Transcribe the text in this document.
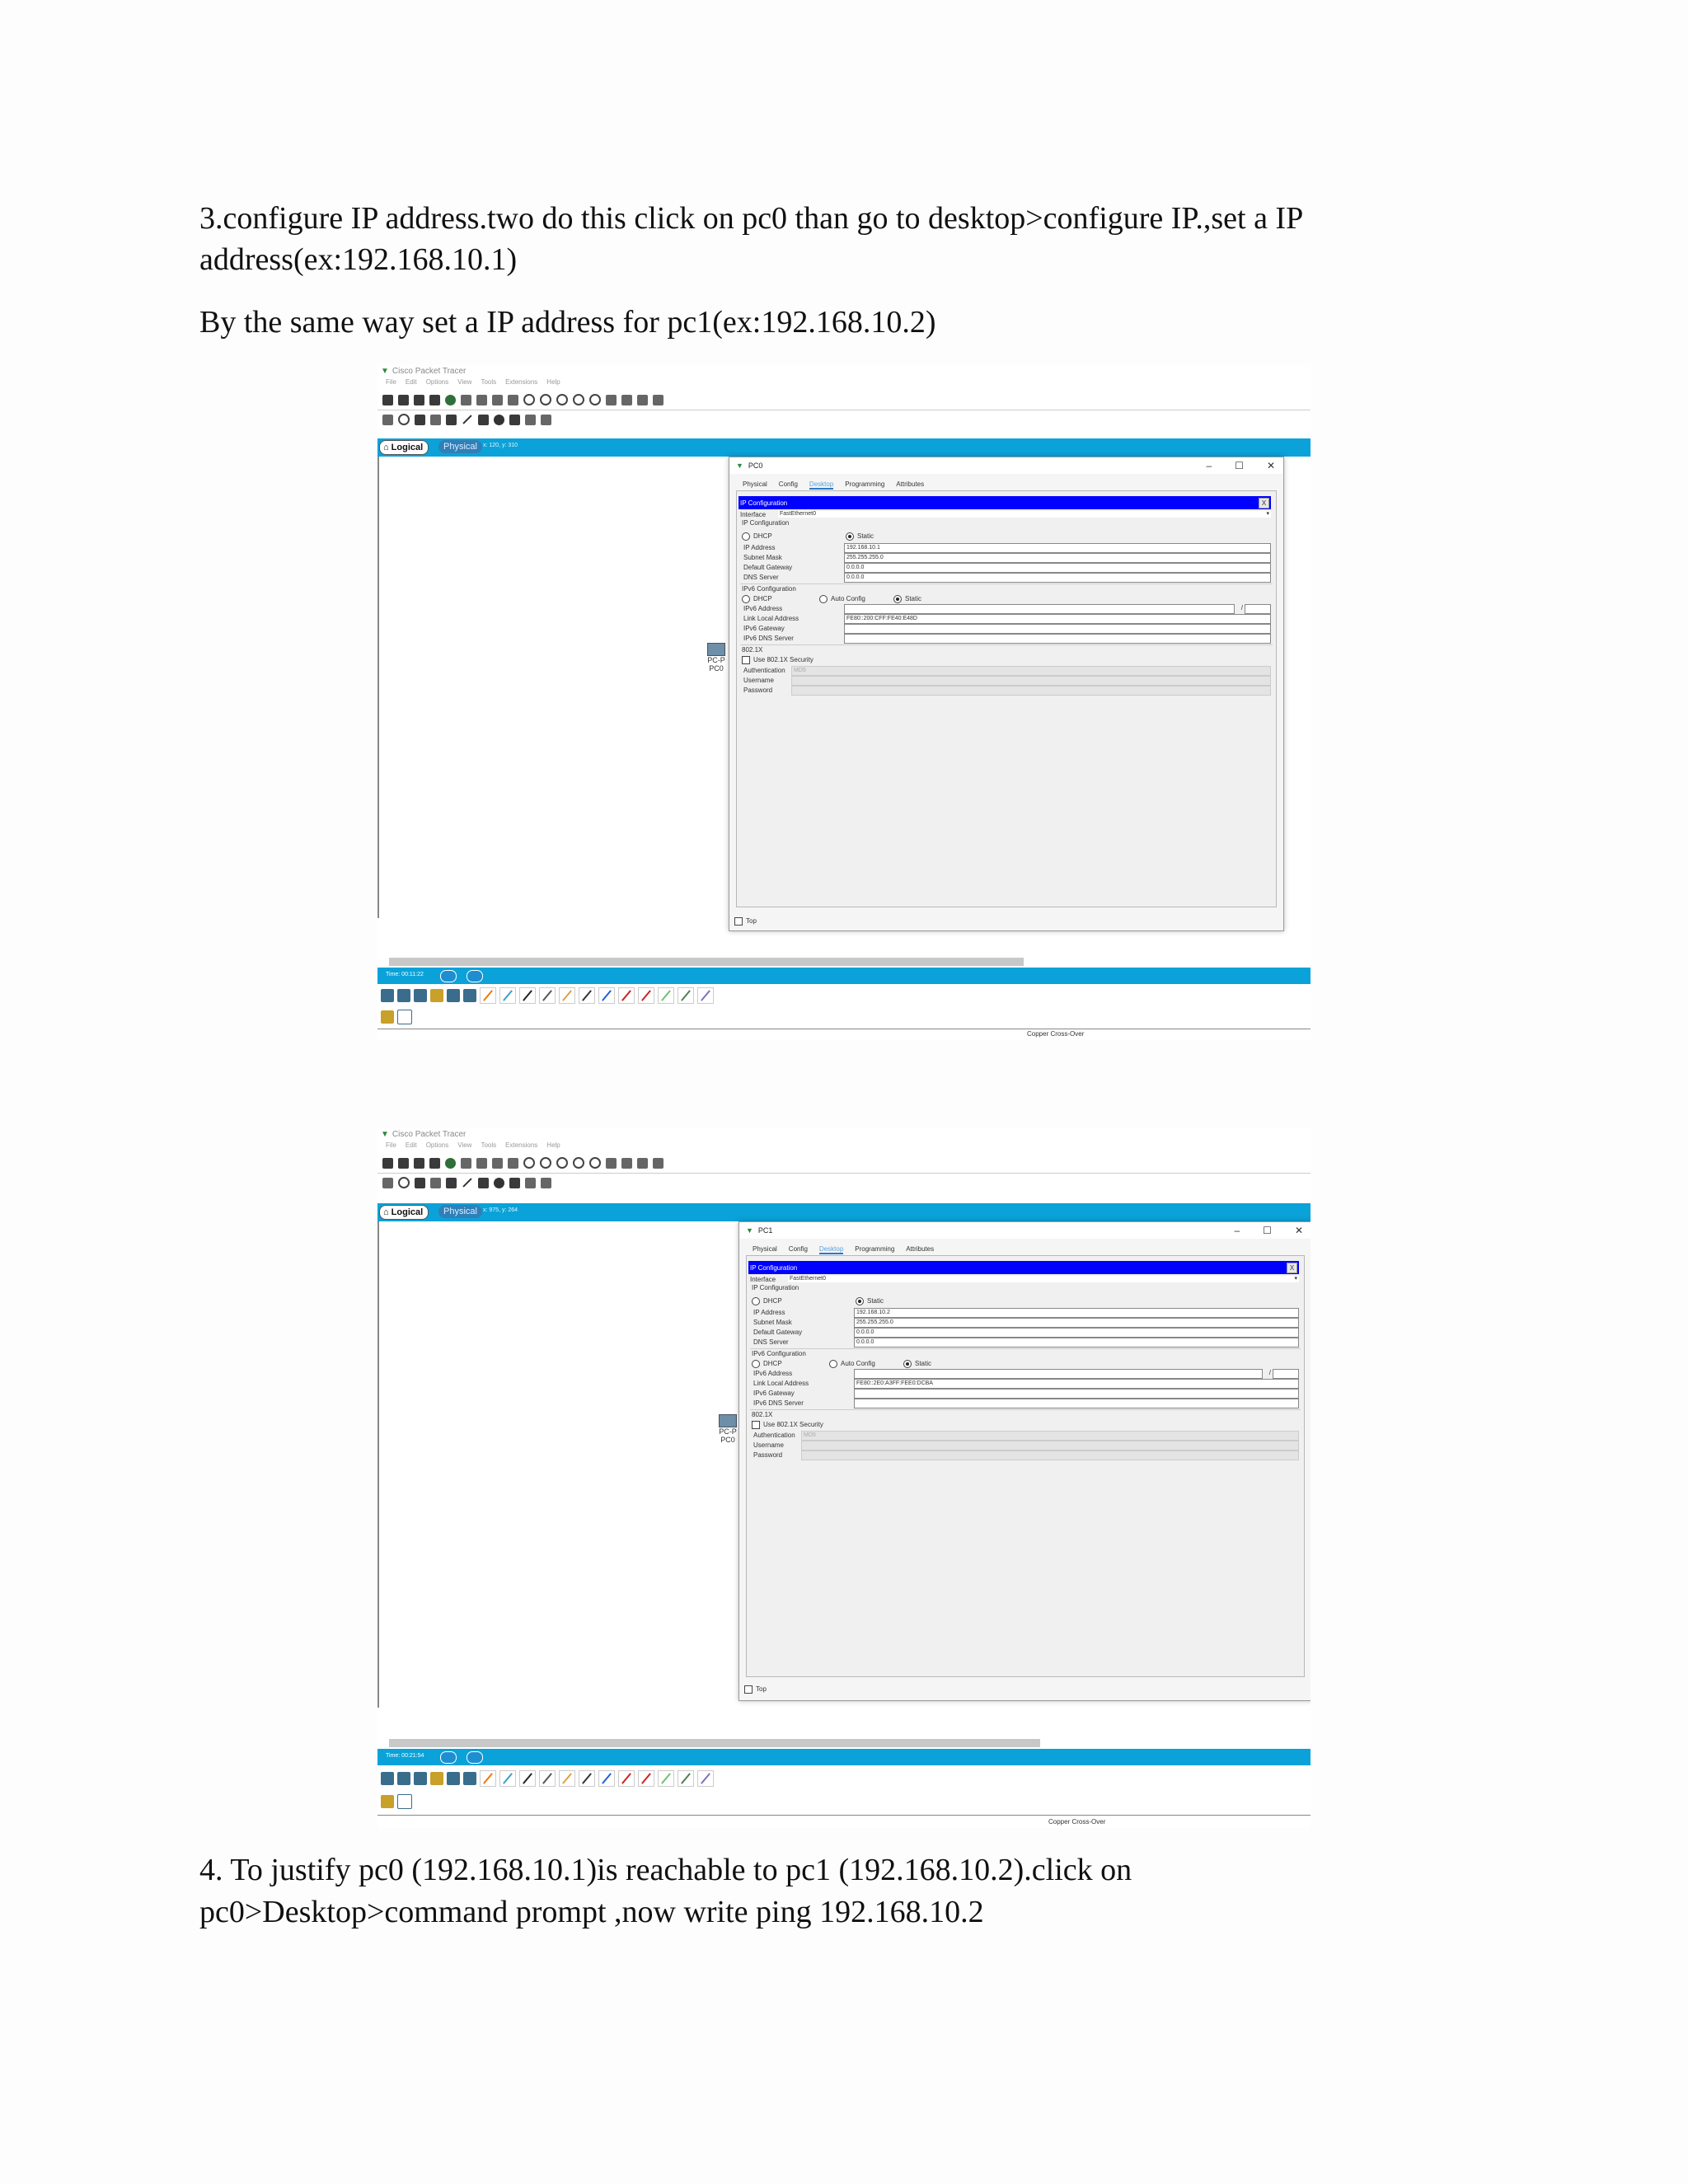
3.configure IP address.two do this click on pc0 than go to desktop>configure IP.,set a IP

address(ex:192.168.10.1)

By the same way set a IP address for pc1(ex:192.168.10.2)

▼ Cisco Packet Tracer
File Edit Options View Tools Extensions Help
⌂ Logical Physical x: 120, y: 310
PC-P
PC0
▼ PC0	– ☐ ✕
Physical Config Desktop Programming Attributes
IP Configuration	X
Interface FastEthernet0	▾
IP Configuration
DHCP	Static
IP Address	192.168.10.1
Subnet Mask	255.255.255.0
Default Gateway	0.0.0.0
DNS Server	0.0.0.0
IPv6 Configuration
DHCP	Auto Config	Static
IPv6 Address	/
Link Local Address	FE80::200:CFF:FE40:E48D
IPv6 Gateway
IPv6 DNS Server
802.1X
Use 802.1X Security
Authentication	MD5
Username
Password
Top
Time: 00:11:22
Copper Cross-Over
▼ Cisco Packet Tracer
File Edit Options View Tools Extensions Help
⌂ Logical Physical x: 975, y: 264
PC-P
PC0
▼ PC1	– ☐ ✕
Physical Config Desktop Programming Attributes
IP Configuration	X
Interface FastEthernet0	▾
IP Configuration
DHCP	Static
IP Address	192.168.10.2
Subnet Mask	255.255.255.0
Default Gateway	0.0.0.0
DNS Server	0.0.0.0
IPv6 Configuration
DHCP	Auto Config	Static
IPv6 Address	/
Link Local Address	FE80::2E0:A3FF:FEE0:DCBA
IPv6 Gateway
IPv6 DNS Server
802.1X
Use 802.1X Security
Authentication	MD5
Username
Password
Top
Time: 00:21:54
Copper Cross-Over

4. To justify pc0 (192.168.10.1)is reachable to pc1 (192.168.10.2).click on

pc0>Desktop>command prompt ,now write ping 192.168.10.2
